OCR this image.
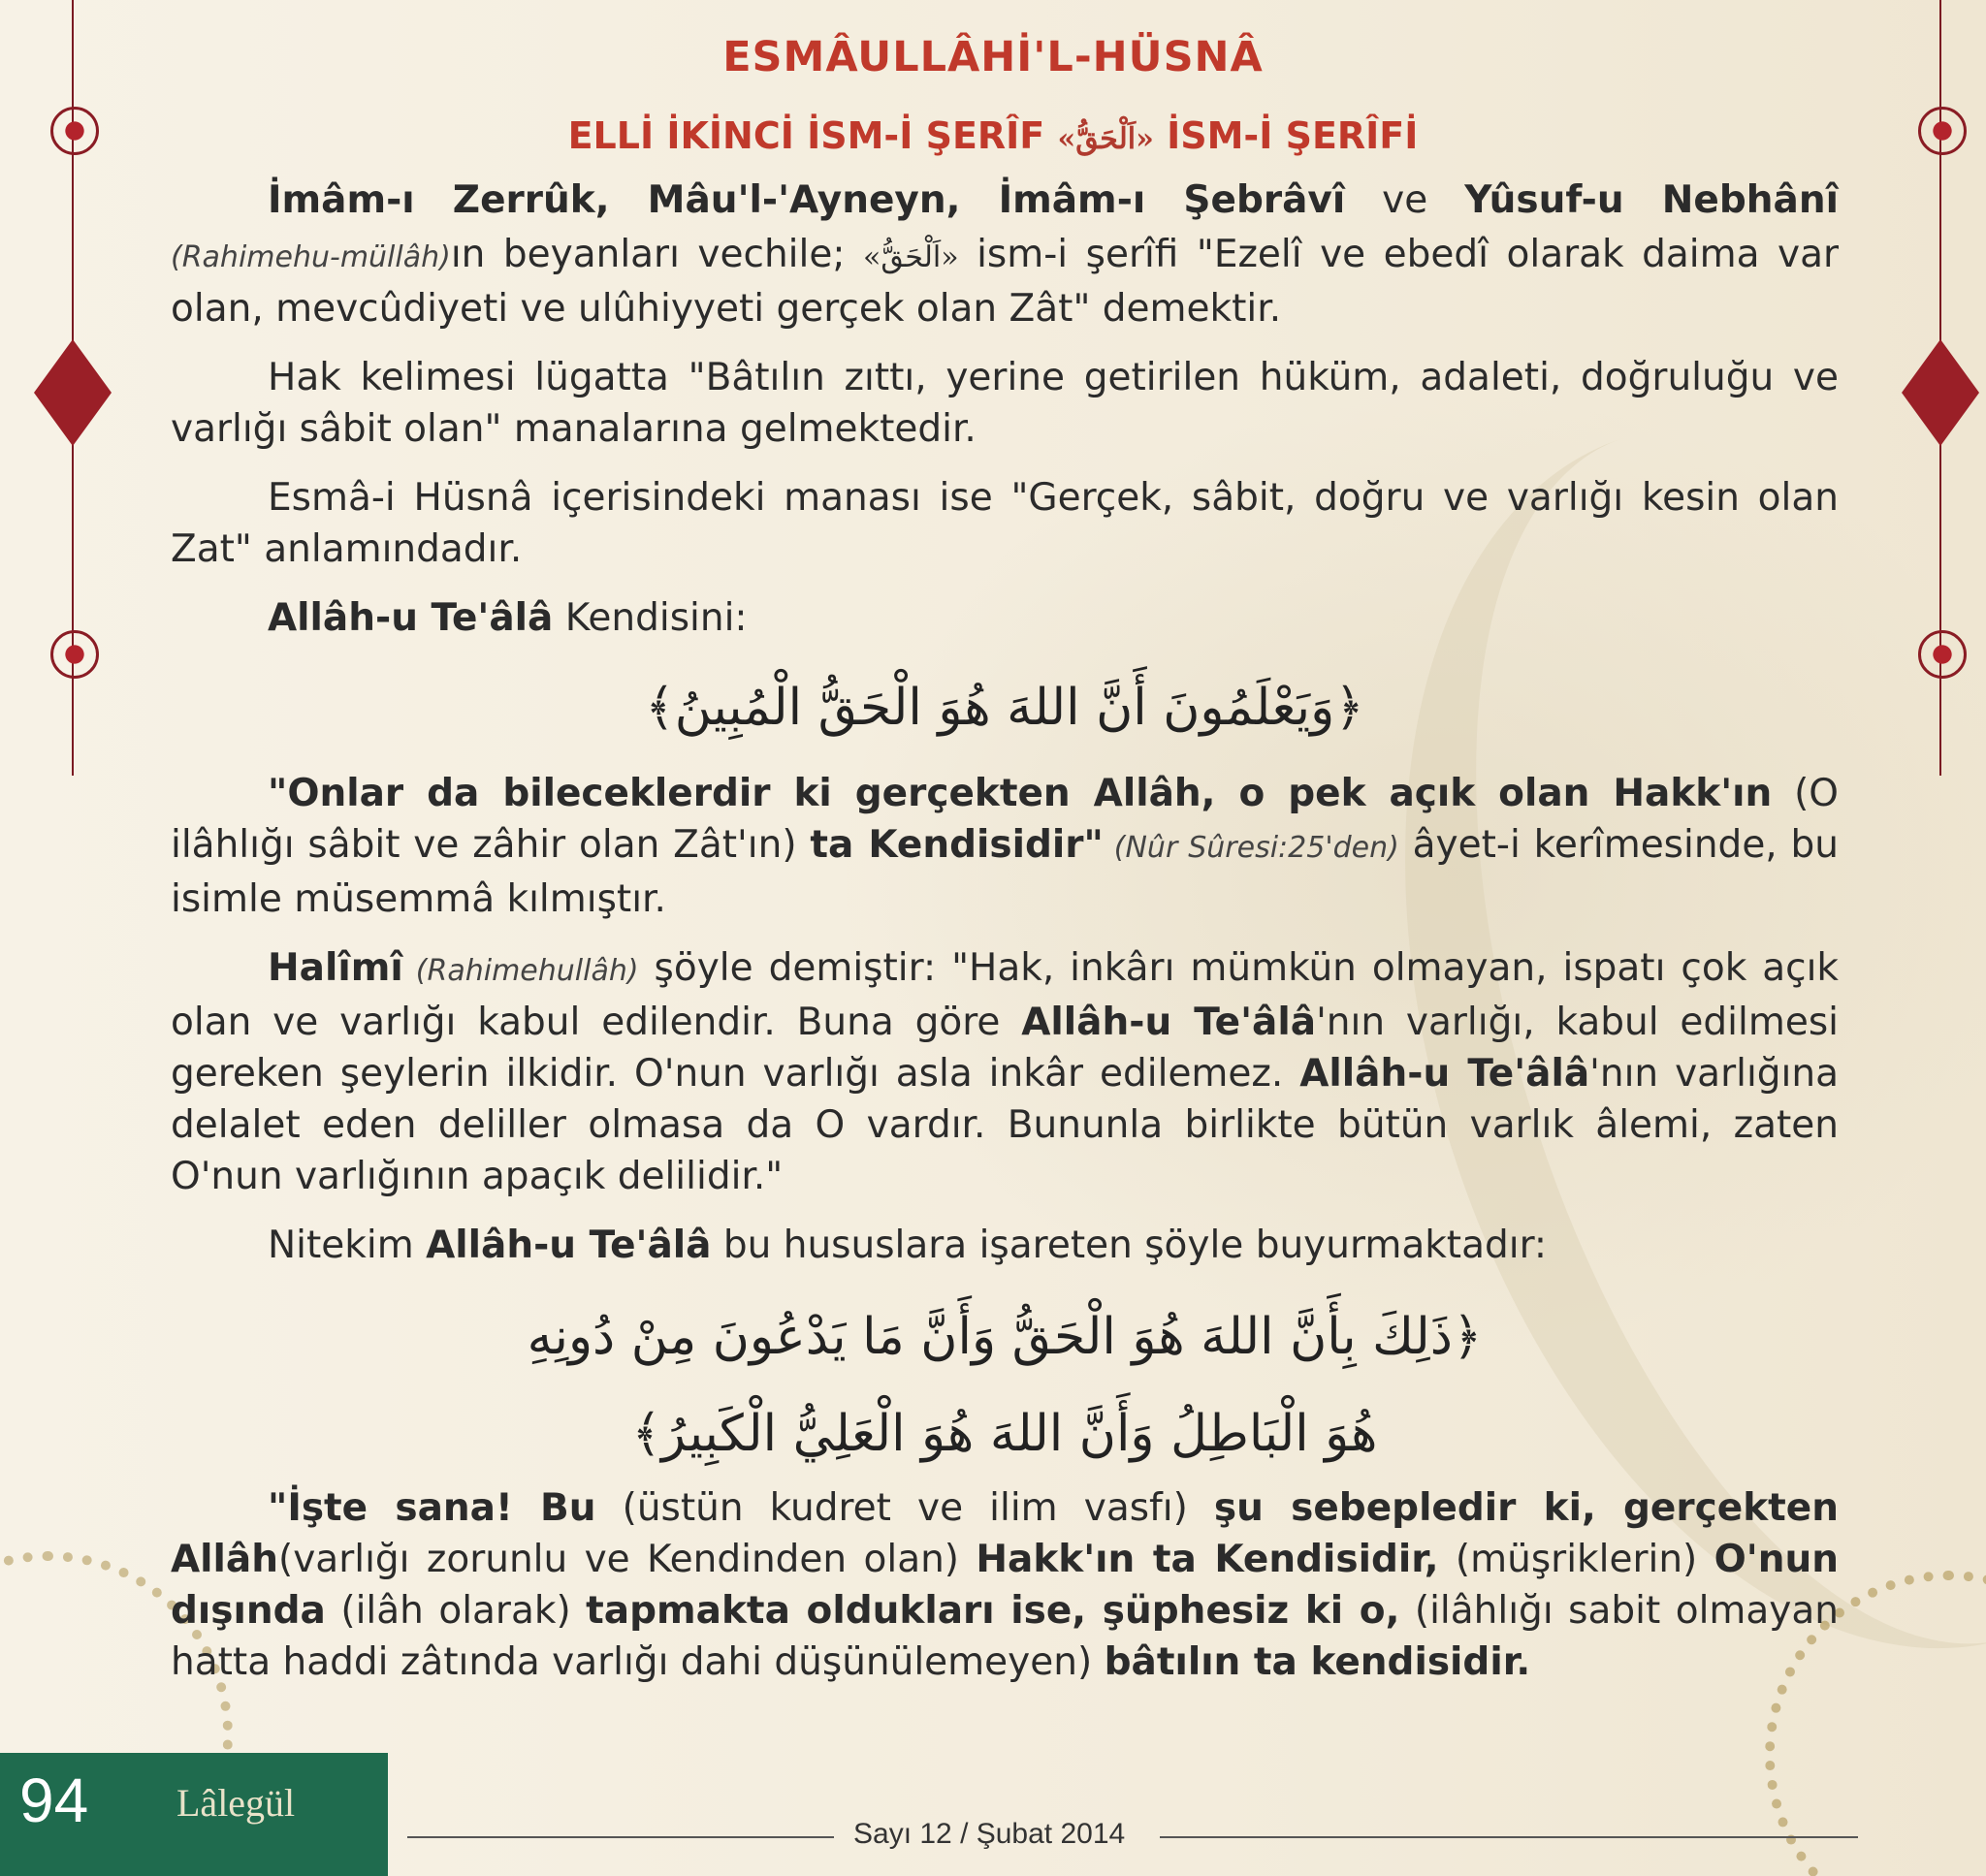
ESMÂULLÂHİ'L-HÜSNÂ
ELLİ İKİNCİ İSM-İ ŞERÎF «اَلْحَقُّ» İSM-İ ŞERÎFİ

İmâm-ı Zerrûk, Mâu'l-'Ayneyn, İmâm-ı Şebrâvî ve Yûsuf-u Nebhânî (Rahimehu-müllâh)ın beyanları vechile; «اَلْحَقُّ» ism-i şerîfi "Ezelî ve ebedî olarak daima var olan, mevcûdiyeti ve ulûhiyyeti gerçek olan Zât" demektir.

Hak kelimesi lügatta "Bâtılın zıttı, yerine getirilen hüküm, adaleti, doğruluğu ve varlığı sâbit olan" manalarına gelmektedir.

Esmâ-i Hüsnâ içerisindeki manası ise "Gerçek, sâbit, doğru ve varlığı kesin olan Zat" anlamındadır.

Allâh-u Te'âlâ Kendisini:

﴿وَيَعْلَمُونَ أَنَّ اللهَ هُوَ الْحَقُّ الْمُبِينُ﴾

"Onlar da bileceklerdir ki gerçekten Allâh, o pek açık olan Hakk'ın (O ilâhlığı sâbit ve zâhir olan Zât'ın) ta Kendisidir" (Nûr Sûresi:25'den) âyet-i kerîmesinde, bu isimle müsemmâ kılmıştır.

Halîmî (Rahimehullâh) şöyle demiştir: "Hak, inkârı mümkün olmayan, ispatı çok açık olan ve varlığı kabul edilendir. Buna göre Allâh-u Te'âlâ'nın varlığı, kabul edilmesi gereken şeylerin ilkidir. O'nun varlığı asla inkâr edilemez. Allâh-u Te'âlâ'nın varlığına delalet eden deliller olmasa da O vardır. Bununla birlikte bütün varlık âlemi, zaten O'nun varlığının apaçık delilidir."

Nitekim Allâh-u Te'âlâ bu hususlara işareten şöyle buyurmaktadır:

﴿ذَلِكَ بِأَنَّ اللهَ هُوَ الْحَقُّ وَأَنَّ مَا يَدْعُونَ مِنْ دُونِهِ
هُوَ الْبَاطِلُ وَأَنَّ اللهَ هُوَ الْعَلِيُّ الْكَبِيرُ﴾

"İşte sana! Bu (üstün kudret ve ilim vasfı) şu sebepledir ki, gerçekten Allâh(varlığı zorunlu ve Kendinden olan) Hakk'ın ta Kendisidir, (müşriklerin) O'nun dışında (ilâh olarak) tapmakta oldukları ise, şüphesiz ki o, (ilâhlığı sabit olmayan hatta haddi zâtında varlığı dahi düşünülemeyen) bâtılın ta kendisidir.

94 Lâlegül
Sayı 12 / Şubat 2014
